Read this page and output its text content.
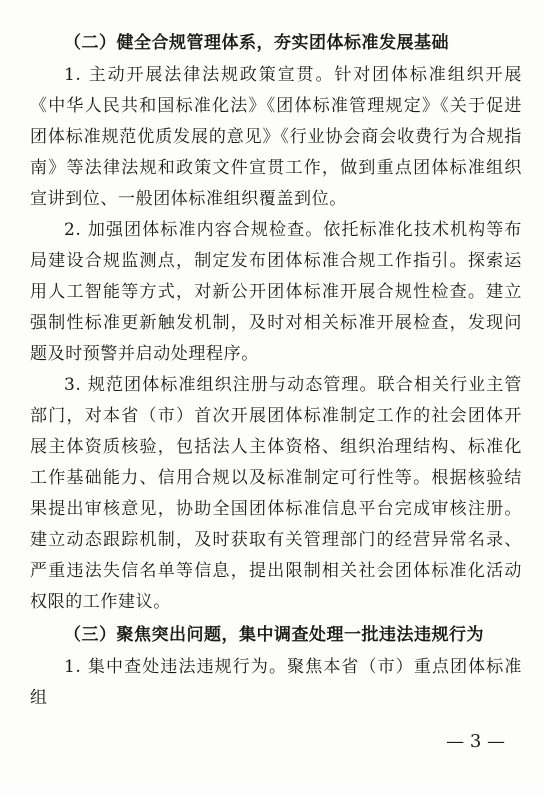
（二）健全合规管理体系，夯实团体标准发展基础

1. 主动开展法律法规政策宣贯。针对团体标准组织开展《中华人民共和国标准化法》《团体标准管理规定》《关于促进团体标准规范优质发展的意见》《行业协会商会收费行为合规指南》等法律法规和政策文件宣贯工作，做到重点团体标准组织宣讲到位、一般团体标准组织覆盖到位。

2. 加强团体标准内容合规检查。依托标准化技术机构等布局建设合规监测点，制定发布团体标准合规工作指引。探索运用人工智能等方式，对新公开团体标准开展合规性检查。建立强制性标准更新触发机制，及时对相关标准开展检查，发现问题及时预警并启动处理程序。

3. 规范团体标准组织注册与动态管理。联合相关行业主管部门，对本省（市）首次开展团体标准制定工作的社会团体开展主体资质核验，包括法人主体资格、组织治理结构、标准化工作基础能力、信用合规以及标准制定可行性等。根据核验结果提出审核意见，协助全国团体标准信息平台完成审核注册。建立动态跟踪机制，及时获取有关管理部门的经营异常名录、严重违法失信名单等信息，提出限制相关社会团体标准化活动权限的工作建议。

（三）聚焦突出问题，集中调查处理一批违法违规行为

1. 集中查处违法违规行为。聚焦本省（市）重点团体标准组

— 3 —
